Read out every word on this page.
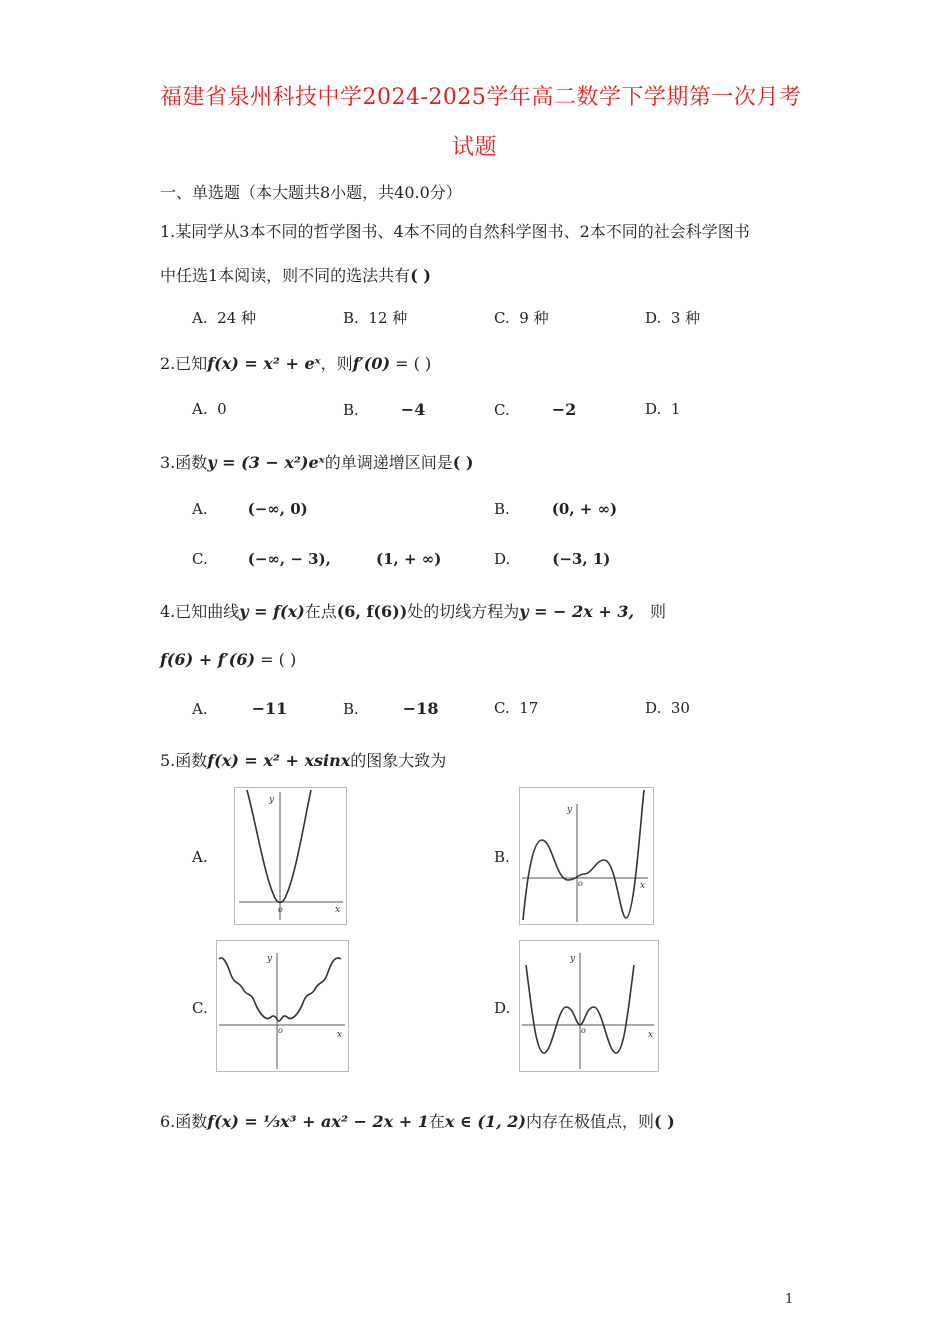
福建省泉州科技中学2024-2025学年高二数学下学期第一次月考
试题
一、单选题（本大题共8小题，共40.0分）
1.某同学从3本不同的哲学图书、4本不同的自然科学图书、2本不同的社会科学图书
中任选1本阅读，则不同的选法共有( )
A. 24 种	B. 12 种	C. 9 种	D. 3 种
2.已知f(x) = x² + eˣ，则f′(0) = ( )
A. 0	B.	−4	C.	−2	D. 1
3.函数y = (3 − x²)eˣ的单调递增区间是( )
A.	(−∞, 0)	B.	(0, + ∞)
C.	(−∞, − 3),	(1, + ∞)	D.	(−3, 1)
4.已知曲线y = f(x)在点(6, f(6))处的切线方程为y = − 2x + 3, 则
f(6) + f′(6) = ( )
A.	−11	B.	−18	C. 17	D. 30
5.函数f(x) = x² + xsinx的图象大致为
A.
x
y
o
B.
x
y
o
C.
x
y
o
D.
x
y
o
6.函数f(x) = ⅓x³ + ax² − 2x + 1在x ∈ (1, 2)内存在极值点，则( )
1
